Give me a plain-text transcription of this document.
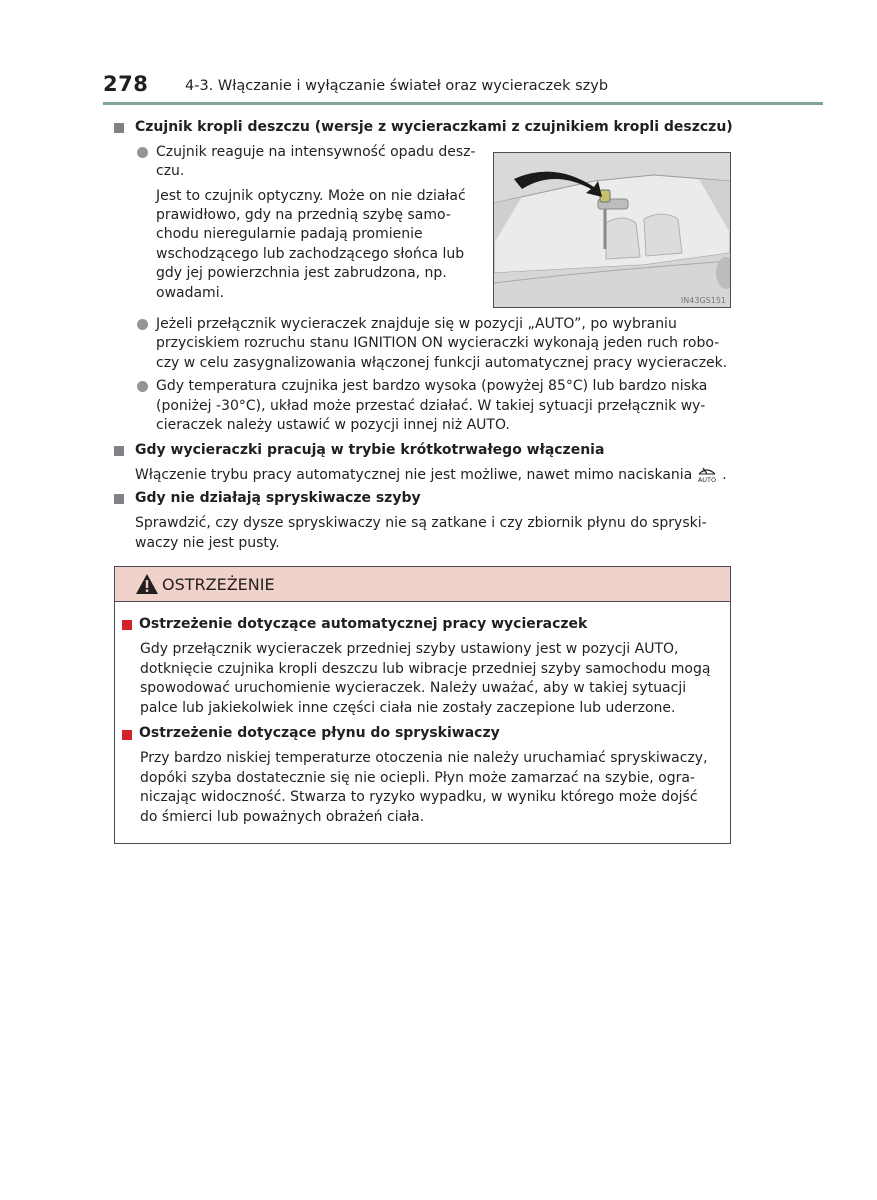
278	4-3. Włączanie i wyłączanie świateł oraz wycieraczek szyb
Czujnik kropli deszczu (wersje z wycieraczkami z czujnikiem kropli deszczu)
Czujnik reaguje na intensywność opadu desz-
czu.
Jest to czujnik optyczny. Może on nie działać
prawidłowo, gdy na przednią szybę samo-
chodu nieregularnie padają promienie
wschodzącego lub zachodzącego słońca lub
gdy jej powierzchnia jest zabrudzona, np.
owadami.	IN43GS151
Jeżeli przełącznik wycieraczek znajduje się w pozycji „AUTO”, po wybraniu
przyciskiem rozruchu stanu IGNITION ON wycieraczki wykonają jeden ruch robo-
czy w celu zasygnalizowania włączonej funkcji automatycznej pracy wycieraczek.
Gdy temperatura czujnika jest bardzo wysoka (powyżej 85°C) lub bardzo niska
(poniżej -30°C), układ może przestać działać. W takiej sytuacji przełącznik wy-
cieraczek należy ustawić w pozycji innej niż AUTO.
Gdy wycieraczki pracują w trybie krótkotrwałego włączenia
Włączenie trybu pracy automatycznej nie jest możliwe, nawet mimo naciskania AUTO .
Gdy nie działają spryskiwacze szyby
Sprawdzić, czy dysze spryskiwaczy nie są zatkane i czy zbiornik płynu do spryski-
waczy nie jest pusty.
OSTRZEŻENIE
Ostrzeżenie dotyczące automatycznej pracy wycieraczek
Gdy przełącznik wycieraczek przedniej szyby ustawiony jest w pozycji AUTO,
dotknięcie czujnika kropli deszczu lub wibracje przedniej szyby samochodu mogą
spowodować uruchomienie wycieraczek. Należy uważać, aby w takiej sytuacji
palce lub jakiekolwiek inne części ciała nie zostały zaczepione lub uderzone.
Ostrzeżenie dotyczące płynu do spryskiwaczy
Przy bardzo niskiej temperaturze otoczenia nie należy uruchamiać spryskiwaczy,
dopóki szyba dostatecznie się nie ociepli. Płyn może zamarzać na szybie, ogra-
niczając widoczność. Stwarza to ryzyko wypadku, w wyniku którego może dojść
do śmierci lub poważnych obrażeń ciała.
